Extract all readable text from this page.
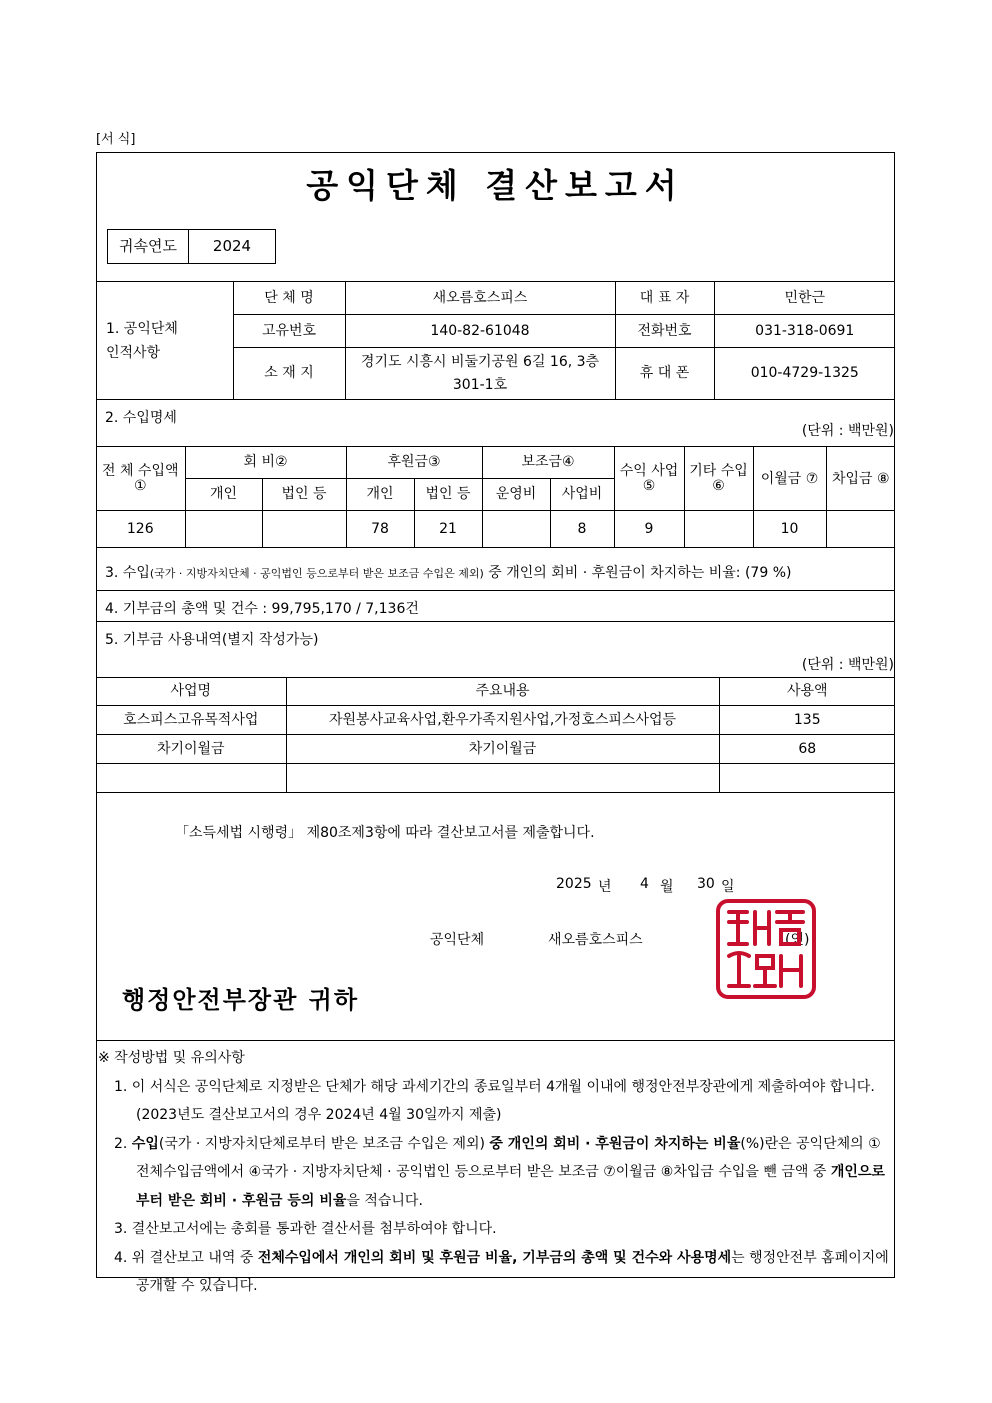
[서 식]
공익단체 결산보고서
귀속연도	2024
1. 공익단체
인적사항	단 체 명	새오름호스피스	대 표 자	민한근
	고유번호	140-82-61048	전화번호	031-318-0691
	소 재 지	경기도 시흥시 비둘기공원 6길 16, 3층 301-1호	휴 대 폰	010-4729-1325
2. 수입명세
(단위 : 백만원)
전 체 수입액 ①	회 비②		후원금③		보조금④		수익 사업 ⑤	기타 수입 ⑥	이월금 ⑦	차입금 ⑧
	개인	법인 등	개인	법인 등	운영비	사업비				
126			78	21		8	9		10	
3. 수입(국가 · 지방자치단체 · 공익법인 등으로부터 받은 보조금 수입은 제외) 중 개인의 회비 · 후원금이 차지하는 비율: (79 %)
4. 기부금의 총액 및 건수 : 99,795,170 / 7,136건
5. 기부금 사용내역(별지 작성가능)
(단위 : 백만원)
사업명	주요내용	사용액
호스피스고유목적사업	자원봉사교육사업,환우가족지원사업,가정호스피스사업등	135
차기이월금	차기이월금	68

「소득세법 시행령」 제80조제3항에 따라 결산보고서를 제출합니다.
2025 년 4 월 30 일
공익단체	새오름호스피스	(인)
행정안전부장관 귀하
※ 작성방법 및 유의사항
1. 이 서식은 공익단체로 지정받은 단체가 해당 과세기간의 종료일부터 4개월 이내에 행정안전부장관에게 제출하여야 합니다.(2023년도 결산보고서의 경우 2024년 4월 30일까지 제출)
2. 수입(국가 · 지방자치단체로부터 받은 보조금 수입은 제외) 중 개인의 회비 · 후원금이 차지하는 비율(%)란은 공익단체의 ①전체수입금액에서 ④국가 · 지방자치단체 · 공익법인 등으로부터 받은 보조금 ⑦이월금 ⑧차입금 수입을 뺀 금액 중 개인으로부터 받은 회비 · 후원금 등의 비율을 적습니다.
3. 결산보고서에는 총회를 통과한 결산서를 첨부하여야 합니다.
4. 위 결산보고 내역 중 전체수입에서 개인의 회비 및 후원금 비율, 기부금의 총액 및 건수와 사용명세는 행정안전부 홈페이지에 공개할 수 있습니다.
